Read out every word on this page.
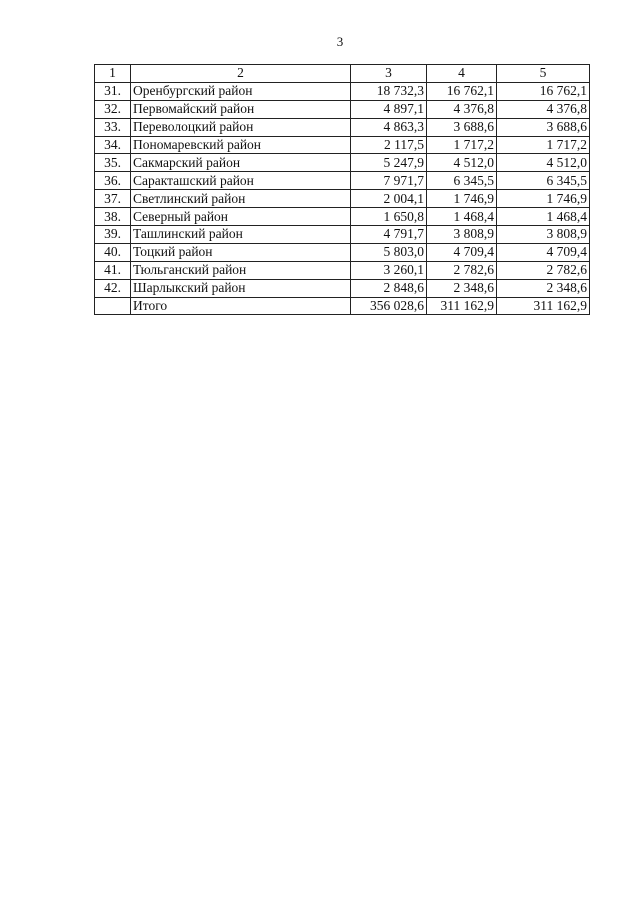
3
1	2	3	4	5
31.	Оренбургский район	18 732,3	16 762,1	16 762,1
32.	Первомайский район	4 897,1	4 376,8	4 376,8
33.	Переволоцкий район	4 863,3	3 688,6	3 688,6
34.	Пономаревский район	2 117,5	1 717,2	1 717,2
35.	Сакмарский район	5 247,9	4 512,0	4 512,0
36.	Саракташский район	7 971,7	6 345,5	6 345,5
37.	Светлинский район	2 004,1	1 746,9	1 746,9
38.	Северный район	1 650,8	1 468,4	1 468,4
39.	Ташлинский район	4 791,7	3 808,9	3 808,9
40.	Тоцкий район	5 803,0	4 709,4	4 709,4
41.	Тюльганский район	3 260,1	2 782,6	2 782,6
42.	Шарлыкский район	2 848,6	2 348,6	2 348,6
	Итого	356 028,6	311 162,9	311 162,9
